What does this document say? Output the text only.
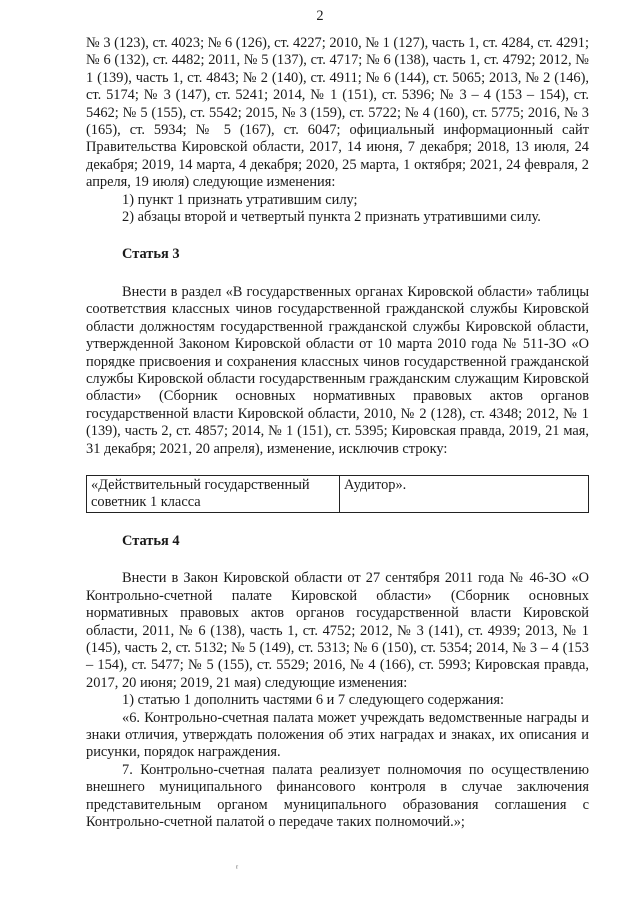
2

№ 3 (123), ст. 4023; № 6 (126), ст. 4227; 2010, № 1 (127), часть 1, ст. 4284, ст. 4291; № 6 (132), ст. 4482; 2011, № 5 (137), ст. 4717; № 6 (138), часть 1, ст. 4792; 2012, № 1 (139), часть 1, ст. 4843; № 2 (140), ст. 4911; № 6 (144), ст. 5065; 2013, № 2 (146), ст. 5174; № 3 (147), ст. 5241; 2014, № 1 (151), ст. 5396; № 3 – 4 (153 – 154), ст. 5462; № 5 (155), ст. 5542; 2015, № 3 (159), ст. 5722; № 4 (160), ст. 5775; 2016, № 3 (165), ст. 5934; № 5 (167), ст. 6047; официальный информационный сайт Правительства Кировской области, 2017, 14 июня, 7 декабря; 2018, 13 июля, 24 декабря; 2019, 14 марта, 4 декабря; 2020, 25 марта, 1 октября; 2021, 24 февраля, 2 апреля, 19 июля) следующие изменения:

1) пункт 1 признать утратившим силу;

2) абзацы второй и четвертый пункта 2 признать утратившими силу.

Статья 3

Внести в раздел «В государственных органах Кировской области» таблицы соответствия классных чинов государственной гражданской службы Кировской области должностям государственной гражданской службы Кировской области, утвержденной Законом Кировской области от 10 марта 2010 года № 511-ЗО «О порядке присвоения и сохранения классных чинов государственной гражданской службы Кировской области государственным гражданским служащим Кировской области» (Сборник основных нормативных правовых актов органов государственной власти Кировской области, 2010, № 2 (128), ст. 4348; 2012, № 1 (139), часть 2, ст. 4857; 2014, № 1 (151), ст. 5395; Кировская правда, 2019, 21 мая, 31 декабря; 2021, 20 апреля), изменение, исключив строку:

«Действительный государственный советник 1 класса	Аудитор».

Статья 4

Внести в Закон Кировской области от 27 сентября 2011 года № 46-ЗО «О Контрольно-счетной палате Кировской области» (Сборник основных нормативных правовых актов органов государственной власти Кировской области, 2011, № 6 (138), часть 1, ст. 4752; 2012, № 3 (141), ст. 4939; 2013, № 1 (145), часть 2, ст. 5132; № 5 (149), ст. 5313; № 6 (150), ст. 5354; 2014, № 3 – 4 (153 – 154), ст. 5477; № 5 (155), ст. 5529; 2016, № 4 (166), ст. 5993; Кировская правда, 2017, 20 июня; 2019, 21 мая) следующие изменения:

1) статью 1 дополнить частями 6 и 7 следующего содержания:

«6. Контрольно-счетная палата может учреждать ведомственные награды и знаки отличия, утверждать положения об этих наградах и знаках, их описания и рисунки, порядок награждения.

7. Контрольно-счетная палата реализует полномочия по осуществлению внешнего муниципального финансового контроля в случае заключения представительным органом муниципального образования соглашения с Контрольно-счетной палатой о передаче таких полномочий.»;

ʳ
